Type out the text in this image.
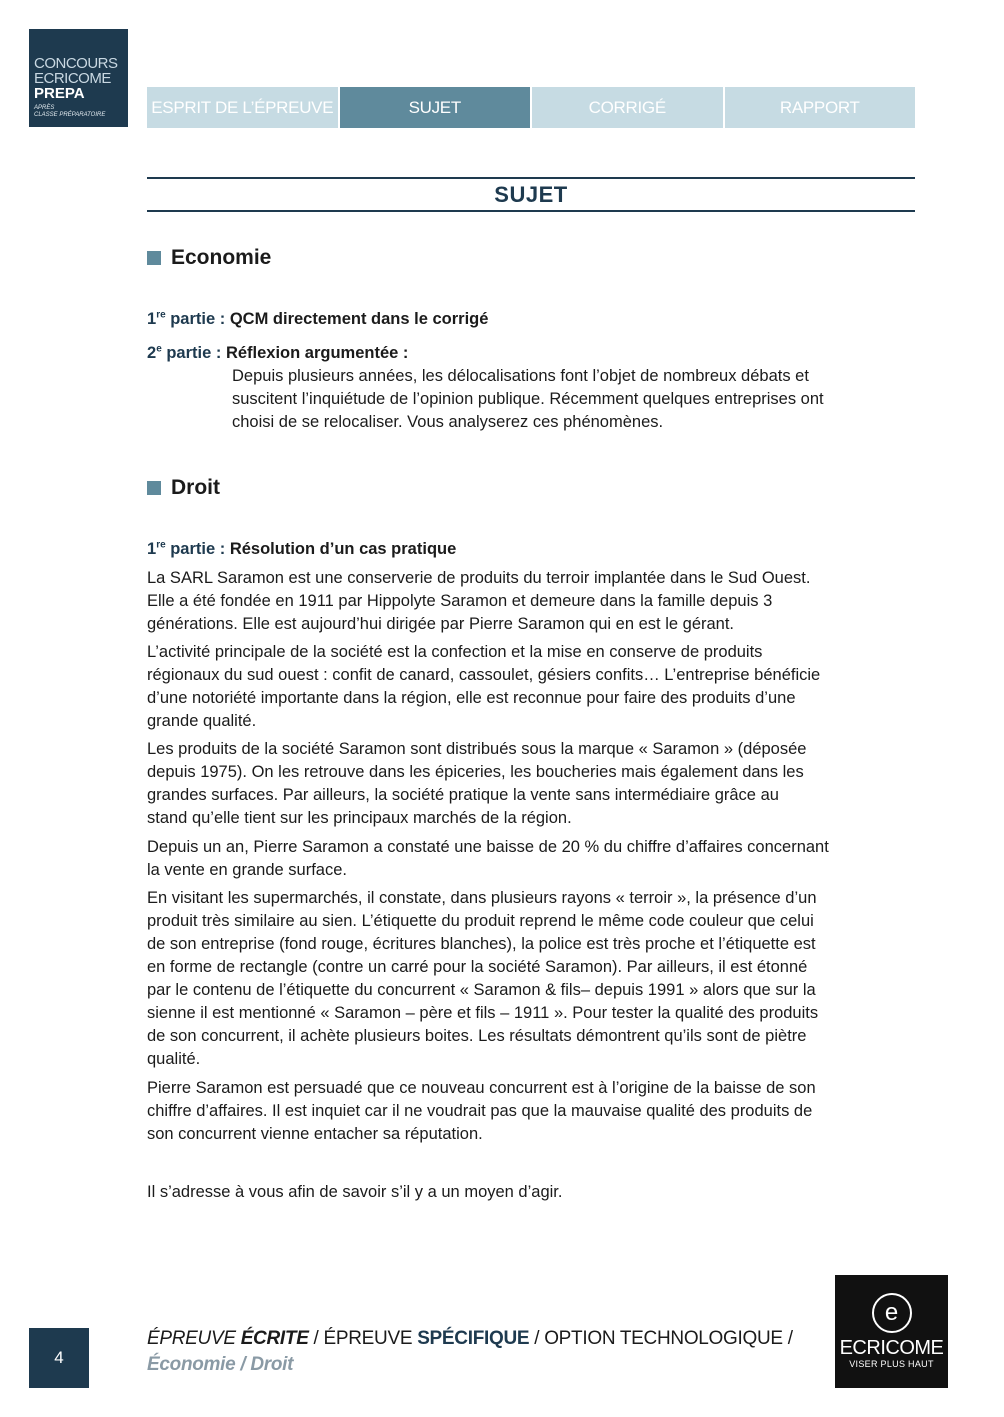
CONCOURS
ECRICOME
PREPA
APRÈS
CLASSE PRÉPARATOIRE	ESPRIT DE L’ÉPREUVE	SUJET	CORRIGÉ	RAPPORT
SUJET
Economie
1re partie : QCM directement dans le corrigé
2e partie : Réflexion argumentée :
Depuis plusieurs années, les délocalisations font l’objet de nombreux débats et
suscitent l’inquiétude de l’opinion publique. Récemment quelques entreprises ont
choisi de se relocaliser. Vous analyserez ces phénomènes.
Droit
1re partie : Résolution d’un cas pratique
La SARL Saramon est une conserverie de produits du terroir implantée dans le Sud Ouest.
Elle a été fondée en 1911 par Hippolyte Saramon et demeure dans la famille depuis 3
générations. Elle est aujourd’hui dirigée par Pierre Saramon qui en est le gérant.
L’activité principale de la société est la confection et la mise en conserve de produits
régionaux du sud ouest : confit de canard, cassoulet, gésiers confits… L’entreprise bénéficie
d’une notoriété importante dans la région, elle est reconnue pour faire des produits d’une
grande qualité.
Les produits de la société Saramon sont distribués sous la marque « Saramon » (déposée
depuis 1975). On les retrouve dans les épiceries, les boucheries mais également dans les
grandes surfaces. Par ailleurs, la société pratique la vente sans intermédiaire grâce au
stand qu’elle tient sur les principaux marchés de la région.
Depuis un an, Pierre Saramon a constaté une baisse de 20 % du chiffre d’affaires concernant
la vente en grande surface.
En visitant les supermarchés, il constate, dans plusieurs rayons « terroir », la présence d’un
produit très similaire au sien. L’étiquette du produit reprend le même code couleur que celui
de son entreprise (fond rouge, écritures blanches), la police est très proche et l’étiquette est
en forme de rectangle (contre un carré pour la société Saramon). Par ailleurs, il est étonné
par le contenu de l’étiquette du concurrent « Saramon & fils– depuis 1991 » alors que sur la
sienne il est mentionné « Saramon – père et fils – 1911 ». Pour tester la qualité des produits
de son concurrent, il achète plusieurs boites. Les résultats démontrent qu’ils sont de piètre
qualité.
Pierre Saramon est persuadé que ce nouveau concurrent est à l’origine de la baisse de son
chiffre d’affaires. Il est inquiet car il ne voudrait pas que la mauvaise qualité des produits de
son concurrent vienne entacher sa réputation.
Il s’adresse à vous afin de savoir s’il y a un moyen d’agir.
4
ÉPREUVE ÉCRITE / ÉPREUVE SPÉCIFIQUE / OPTION TECHNOLOGIQUE /
Économie / Droit
e
ECRICOME
VISER PLUS HAUT
